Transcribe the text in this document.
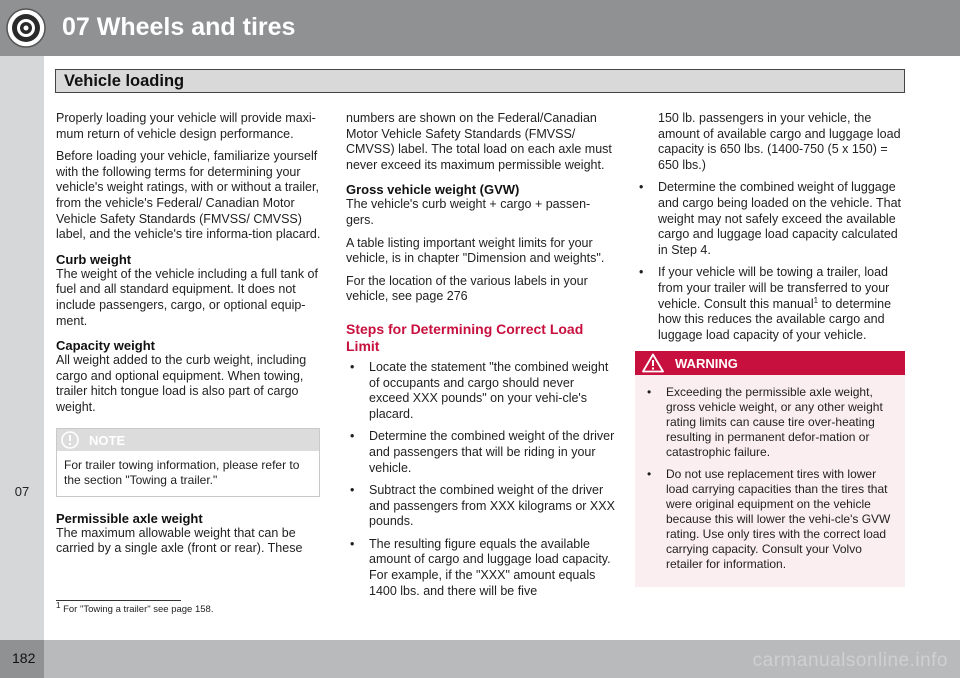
07 Wheels and tires
07
Vehicle loading

Properly loading your vehicle will provide maxi-mum return of vehicle design performance.

Before loading your vehicle, familiarize yourself with the following terms for determining your vehicle's weight ratings, with or without a trailer, from the vehicle's Federal/ Canadian Motor Vehicle Safety Standards (FMVSS/ CMVSS) label, and the vehicle's tire informa-tion placard.

Curb weight

The weight of the vehicle including a full tank of fuel and all standard equipment. It does not include passengers, cargo, or optional equip-ment.

Capacity weight

All weight added to the curb weight, including cargo and optional equipment. When towing, trailer hitch tongue load is also part of cargo weight.

NOTE
For trailer towing information, please refer to the section "Towing a trailer."
Permissible axle weight

The maximum allowable weight that can be carried by a single axle (front or rear). These

numbers are shown on the Federal/Canadian Motor Vehicle Safety Standards (FMVSS/ CMVSS) label. The total load on each axle must never exceed its maximum permissible weight.

Gross vehicle weight (GVW)

The vehicle's curb weight + cargo + passen-gers.

A table listing important weight limits for your vehicle, is in chapter "Dimension and weights".

For the location of the various labels in your vehicle, see page 276

Steps for Determining Correct Load Limit
• Locate the statement "the combined weight of occupants and cargo should never exceed XXX pounds" on your vehi-cle's placard.
• Determine the combined weight of the driver and passengers that will be riding in your vehicle.
• Subtract the combined weight of the driver and passengers from XXX kilograms or XXX pounds.
• The resulting figure equals the available amount of cargo and luggage load capacity. For example, if the "XXX" amount equals 1400 lbs. and there will be five
150 lb. passengers in your vehicle, the amount of available cargo and luggage load capacity is 650 lbs. (1400-750 (5 x 150) = 650 lbs.)
• Determine the combined weight of luggage and cargo being loaded on the vehicle. That weight may not safely exceed the available cargo and luggage load capacity calculated in Step 4.
• If your vehicle will be towing a trailer, load from your trailer will be transferred to your vehicle. Consult this manual$^1$ to determine how this reduces the available cargo and luggage load capacity of your vehicle.
WARNING
• Exceeding the permissible axle weight, gross vehicle weight, or any other weight rating limits can cause tire over-heating resulting in permanent defor-mation or catastrophic failure.
• Do not use replacement tires with lower load carrying capacities than the tires that were original equipment on the vehicle because this will lower the vehi-cle's GVW rating. Use only tires with the correct load carrying capacity. Consult your Volvo retailer for information.
$^1$ For "Towing a trailer" see page 158.
182	carmanualsonline.info
